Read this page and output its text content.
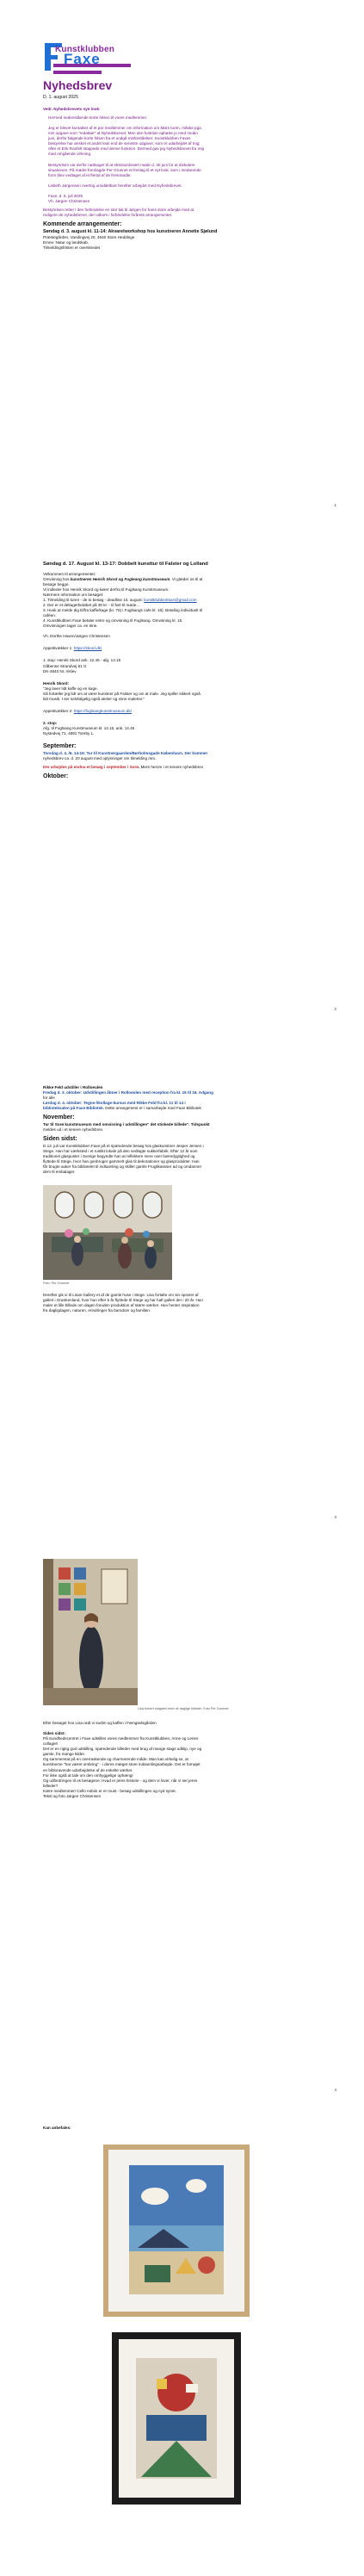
Kunstklubben
Faxe
Nyhedsbrev
D. 1. august 2025
Vedr. Nyhedsbrevets nye look:
Hermed nedenstående korte hilsen til vores medlemmer.
Jeg er blevet kontaktet af et par medlemmer om information om Mørs turen, måske pga.
min opgave som "redaktør" af Nyhedsbrevet. Men den funktion ophørte jo med medio
juni, derfor følgende korte hilsen fra et undgå misforståelser: Kunstklubben Faxes
bestyrelse har ønsket et andet look end de seneste udgaver, som er udarbejdet af mig;
ofter et Erik Ranfelt stoppede med denne funktion. Dermed gav jeg Nyhedsbrevet fra mig
med omgående virkning.
Bestyrelsen var derfor nødsaget til at ekstraordinært møde d. 30 juni for at diskutere
situationen. På mødet fremlagde Per Grunnet et forslag til et nyt look, som i medarende
form blev vedtaget af et flertal af de fremmødte.
Lisbeth Jørgensen overtog umiddelbart herefter arbejdet med Nyhedsbrevet.
Faxe, d. 5. juli 2025
Vh. Jørgen Christensen
Bestyrelsen retter i den forbindelse en stor tak til Jørgen for hans store arbejde med at
redigere de nyhedsbreve, der udkom i forbindelse forårets arrangementer.
Kommende arrangementer:
Søndag d. 3. august kl. 11-14: Akvarelworkshop hos kunstneren Annette Sjølund
Præstegården, Vandingvej 20, 4640 Store Heddinge
Emne: Natur og landskab.
Tilmeldingsfristen er overskredet
1
Søndag d. 17. August kl. 13-17: Dobbelt kunsttur til Falster og Lolland
Velkommen til arrangementet:
Omvisning hos kunstneren Henrik Skord og Fugleang kunstmuseum. Vi glæder os til at
besøge begge.
Vi indleder hos Henrik Skord og kører derfra til Fuglsang Kunstmuseum.
Nærmere information om besøget:
1. Tilmelding til turen - de to besøg - deadline 10. august: kunstklubbenfaxe@gmail.com
2. Der er et deltagerbeløbet på 30 kr. - til ført til møde...
3. Husk at melde dig til/fra kaffe/kage (kr. 75) i Fuglsangs cafe kl. 16). Betaling individuelt til
caféen.
4. Kunstklubben Faxe betaler entre og omvisning til Fuglsang. Omvisning kl. 15.
Omvisningen tager ca. en time.
Vh. Dorthe Haven/Jørgen Christensen
Appetitvækker 1: https://skord.dk/
1. stop: Henrik Skord ank. 12.45 - afg. 14.15
Gåbense Strandvej 61 G
DK-4840 Nr. Alslev
Henrik Skord:
"Jeg laver lidt kaffe og en kage.
Så fortæller jeg lidt om at være kunstner på Falster og om at male. Jeg spiller sikkert også
lidt musik. I ser selvfølgelig også atelier og mine malerier."
Appetitvækker 2: https://fuglsangkunstmuseum.dk/
2. stop:
Afg. til Fuglsang Kunstmuseum kl. 14.15, ank. 14.45
Nystedvej 71, 4891 Toreby L.
September:
Torsdag d. 4. /6. 14-16: Tur til Kunstnergaarden/Børholmsgade København. Der kommer
nyhedsbrev ca. d. 20 august med oplysninger om tilmelding mm.
Der arbejdes på endnu et besøg i september i Sorø. Mere herom i et senere nyhedsbrev
Oktober:
2
Rikke Feld udstiller i Rolloeulen
Fredag d. 3. oktober: Udstillingen åbner i Rolloeulen med reception fra kl. 15 til 18. Adgang
for alle
Lørdag d. 4. oktober: Tegne-/ikollage-kursus med Rikke Feld fra kl. 11 til 14 i
biblioteksalen på Faxe Bibliotek. Dette arrangement er i samarbejde med Faxe Bibliotek
November:
Tur til Sorø kunstmuseum med omvisning i udstillingen" det stiskede billede". Tidspunkt
meldes ud i et senere nyhedsbrev.
Siden sidst:
D.13. juli var Kunstklubben Faxe på et spændende besøg hos glaskunstner Jesper Jensen i
Stege. Han har værksted i et rustikt lokale på den nedlagte sukkerfabrik. Efter 12 år som
traditionel glaspuster i Sverige begyndte han at reflektere mere over bæredygtighed og
flyttede til Stege, hvor han genbruger gammelt glas til dekorationer og glasprodukter. Han
får brugte auker fra bibliotelet til indsamling og skiller gamle Fruglikassser ad og omdanner
dem til embalager.
Foto: Per Grunnet
Derefter gik vi til Lisas Gallery et af de gamle huse i Stege. Lisa fortalte om sin oprører af
galleri i Grønkenland, hvor hun efter 5 år flyttede til Stege og har haft galleri der i 20 år. Hun
maler et lille billede om dagen foruden produktion af større værker. Hun henter inspiration
fra dagligdagen, naturen, erindringer fra barndom og familien.
3
Lisa forkert sidgalen med de daglige billeder. Foto Per Grunnet
Efter besøget hos Lisa rødt vi sodim og kaffen i Fængselsgården
Siden sidst:
På Sundhedscentret i Faxe udstilles vores medlemmer fra Kunstklubben, Anne og Lenes
collager!
Det er en rigtig god udstilling, spændende billeder med brug af mange stags udklip, nye og
gamle, fra mange kilder.
Og sammensat på en overraskende og charmerende måde. Man kan virkelig se, at
kunstnerne "har været ombring" - i deres mæget store indsamlingsarbejde. Det er fornøjet
en bibloravende udarbejdelse af de enkelte værker.
For ikke også at tale om den omhyggelige ophæng!
Og udfordringen til os besøgene: Hvad er jeres historie - og dem vi lover, når vi ser jeres
billeder?
Kære medlemmer! Cello Asbiin er er must - besøg udstillingen og nyd synet.
Teksl og foto Jørgen Christensen
4
Kan anbefales:
